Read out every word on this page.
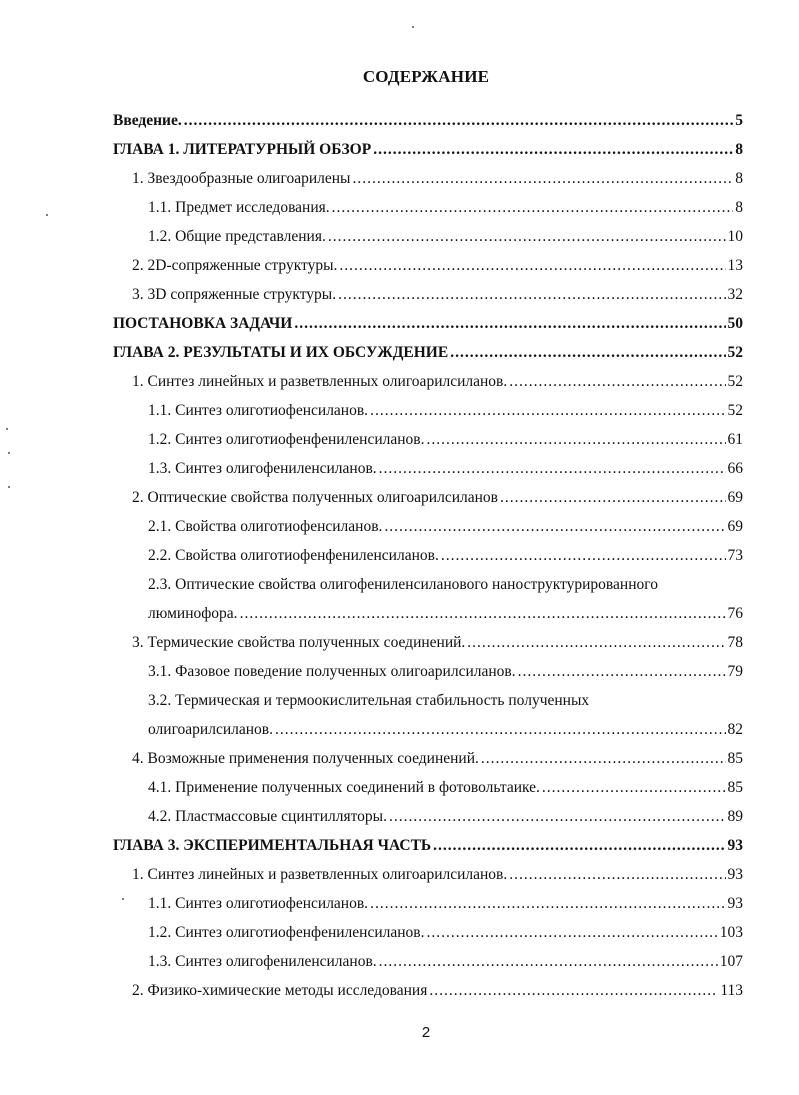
СОДЕРЖАНИЕ
Введение. .....	5
ГЛАВА 1. ЛИТЕРАТУРНЫЙ ОБЗОР .....	8
1. Звездообразные олигоарилены .....	8
1.1. Предмет исследования. .....	8
1.2. Общие представления. .....	10
2. 2D-сопряженные структуры. .....	13
3. 3D сопряженные структуры. .....	32
ПОСТАНОВКА ЗАДАЧИ .....	50
ГЛАВА 2. РЕЗУЛЬТАТЫ И ИХ ОБСУЖДЕНИЕ .....	52
1. Синтез линейных и разветвленных олигоарилсиланов. .....	52
1.1. Синтез олиготиофенсиланов. .....	52
1.2. Синтез олиготиофенфениленсиланов. .....	61
1.3. Синтез олигофениленсиланов. .....	66
2. Оптические свойства полученных олигоарилсиланов .....	69
2.1. Свойства олиготиофенсиланов. .....	69
2.2. Свойства олиготиофенфениленсиланов. .....	73
2.3. Оптические свойства олигофениленсиланового наноструктурированного
люминофора. .....	76
3. Термические свойства полученных соединений. .....	78
3.1. Фазовое поведение полученных олигоарилсиланов. .....	79
3.2. Термическая и термоокислительная стабильность полученных
олигоарилсиланов. .....	82
4. Возможные применения полученных соединений. .....	85
4.1. Применение полученных соединений в фотовольтаике. .....	85
4.2. Пластмассовые сцинтилляторы. .....	89
ГЛАВА 3. ЭКСПЕРИМЕНТАЛЬНАЯ ЧАСТЬ .....	93
1. Синтез линейных и разветвленных олигоарилсиланов. .....	93
1.1. Синтез олиготиофенсиланов. .....	93
1.2. Синтез олиготиофенфениленсиланов. .....	103
1.3. Синтез олигофениленсиланов. .....	107
2. Физико-химические методы исследования .....	113
2
